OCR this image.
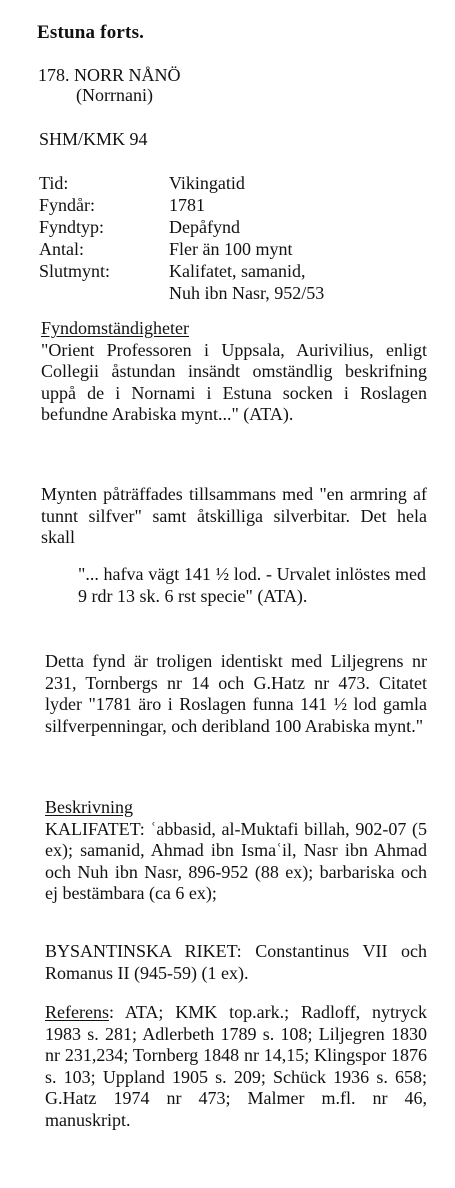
Estuna forts.
178. NORR NÅNÖ
(Norrnani)
SHM/KMK 94
Tid:	Vikingatid
Fyndår:	1781
Fyndtyp:	Depåfynd
Antal:	Fler än 100 mynt
Slutmynt:	Kalifatet, samanid,
Nuh ibn Nasr, 952/53
Fyndomständigheter
"Orient Professoren i Uppsala, Aurivilius, enligt Collegii åstundan insändt omständlig beskrifning uppå de i Nornami i Estuna socken i Roslagen befundne Arabiska mynt..." (ATA).
Mynten påträffades tillsammans med "en armring af tunnt silfver" samt åtskilliga silverbitar. Det hela skall
"... hafva vägt 141 ½ lod. - Urvalet inlöstes med 9 rdr 13 sk. 6 rst specie" (ATA).
Detta fynd är troligen identiskt med Liljegrens nr 231, Tornbergs nr 14 och G.Hatz nr 473. Citatet lyder "1781 äro i Roslagen funna 141 ½ lod gamla silfverpenningar, och deribland 100 Arabiska mynt."
Beskrivning
KALIFATET: ʿabbasid, al-Muktafi billah, 902-07 (5 ex); samanid, Ahmad ibn Ismaʿil, Nasr ibn Ahmad och Nuh ibn Nasr, 896-952 (88 ex); barbariska och ej bestämbara (ca 6 ex);
BYSANTINSKA RIKET: Constantinus VII och Romanus II (945-59) (1 ex).
Referens: ATA; KMK top.ark.; Radloff, nytryck 1983 s. 281; Adlerbeth 1789 s. 108; Liljegren 1830 nr 231,234; Tornberg 1848 nr 14,15; Klingspor 1876 s. 103; Uppland 1905 s. 209; Schück 1936 s. 658; G.Hatz 1974 nr 473; Malmer m.fl. nr 46, manuskript.
